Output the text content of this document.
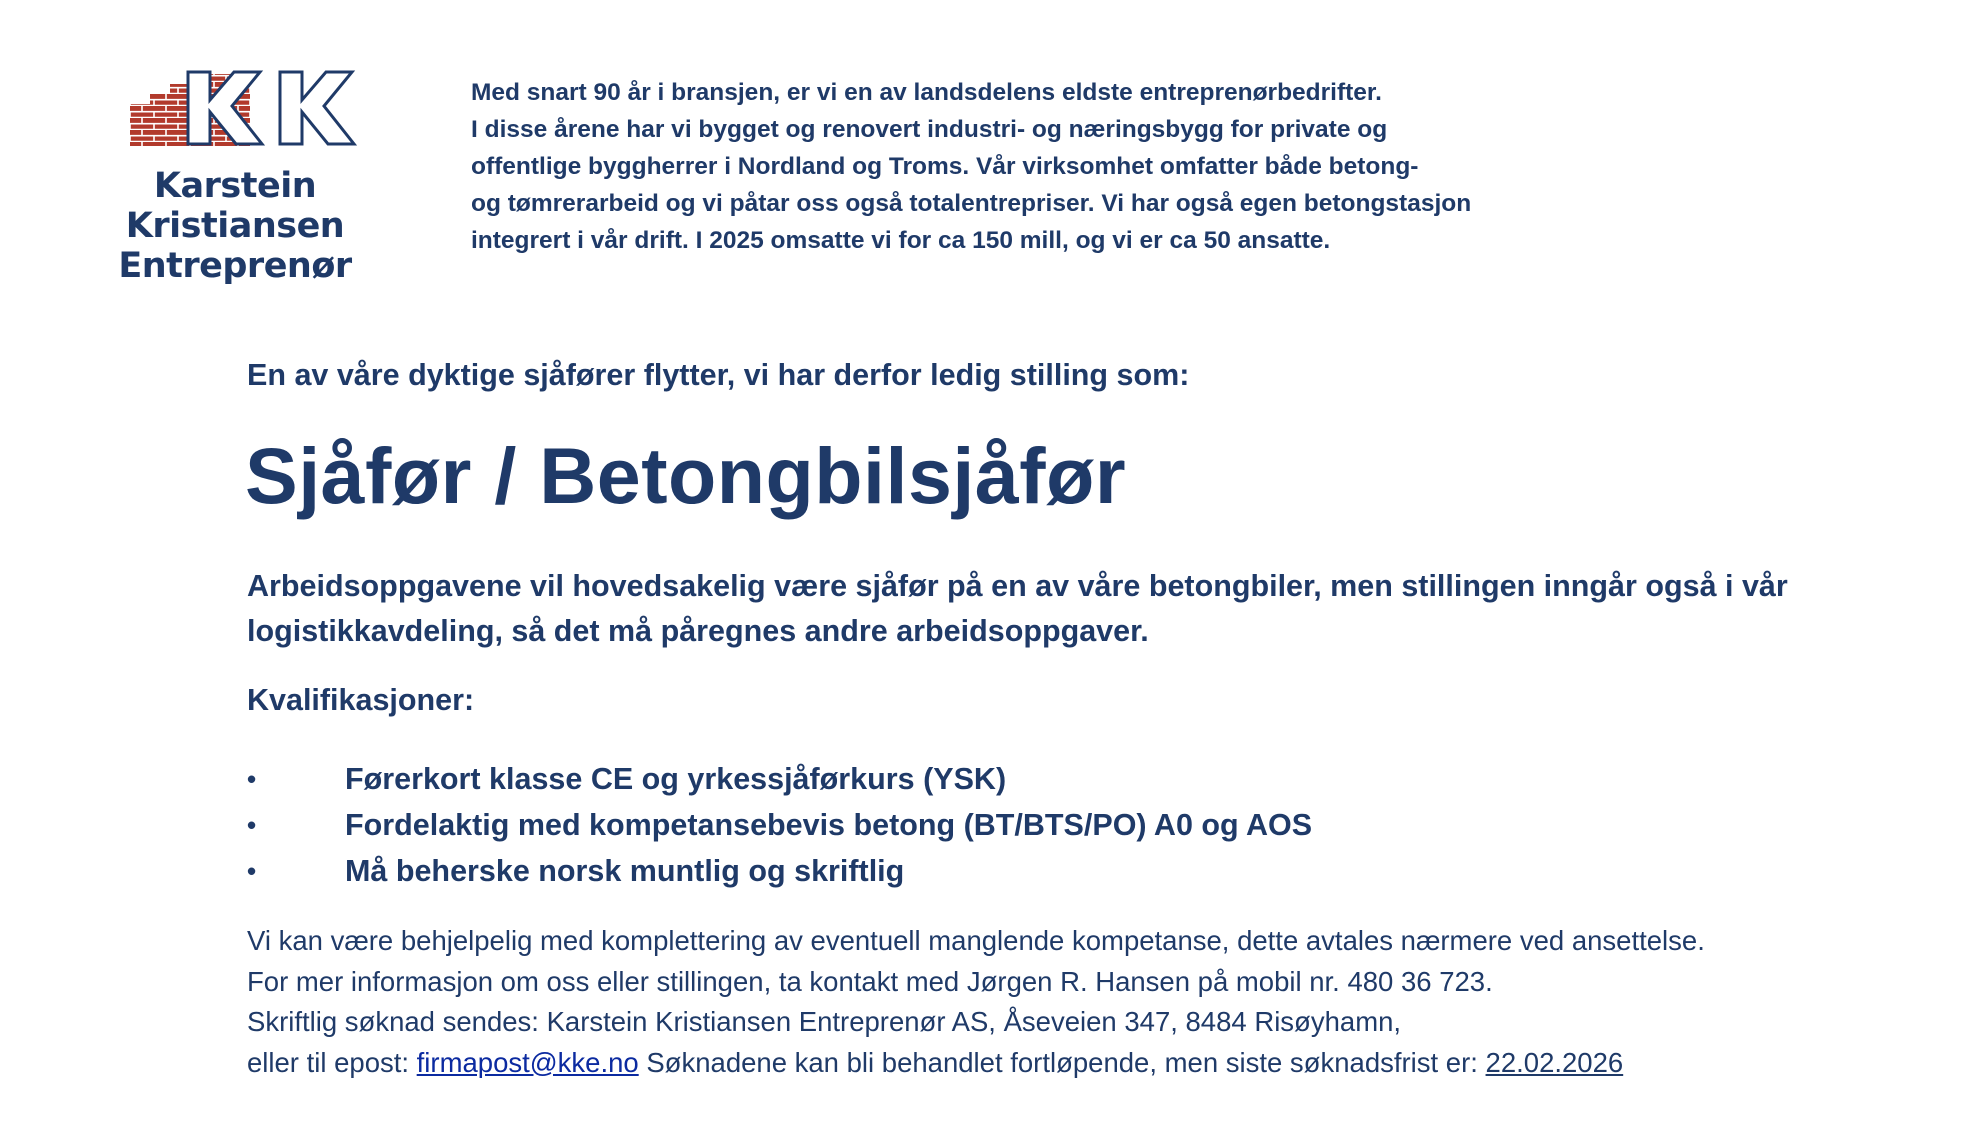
Karstein Kristiansen
Entreprenør
Med snart 90 år i bransjen, er vi en av landsdelens eldste entreprenørbedrifter.
I disse årene har vi bygget og renovert industri- og næringsbygg for private og
offentlige byggherrer i Nordland og Troms. Vår virksomhet omfatter både betong-
og tømrerarbeid og vi påtar oss også totalentrepriser. Vi har også egen betongstasjon
integrert i vår drift. I 2025 omsatte vi for ca 150 mill, og vi er ca 50 ansatte.
En av våre dyktige sjåfører flytter, vi har derfor ledig stilling som:
Sjåfør / Betongbilsjåfør
Arbeidsoppgavene vil hovedsakelig være sjåfør på en av våre betongbiler, men stillingen inngår også i vår
logistikkavdeling, så det må påregnes andre arbeidsoppgaver.
Kvalifikasjoner:
•	Førerkort klasse CE og yrkessjåførkurs (YSK)
•	Fordelaktig med kompetansebevis betong (BT/BTS/PO) A0 og AOS
•	Må beherske norsk muntlig og skriftlig
Vi kan være behjelpelig med komplettering av eventuell manglende kompetanse, dette avtales nærmere ved ansettelse.
For mer informasjon om oss eller stillingen, ta kontakt med Jørgen R. Hansen på mobil nr. 480 36 723.
Skriftlig søknad sendes: Karstein Kristiansen Entreprenør AS, Åseveien 347, 8484 Risøyhamn,
eller til epost: firmapost@kke.no Søknadene kan bli behandlet fortløpende, men siste søknadsfrist er: 22.02.2026
